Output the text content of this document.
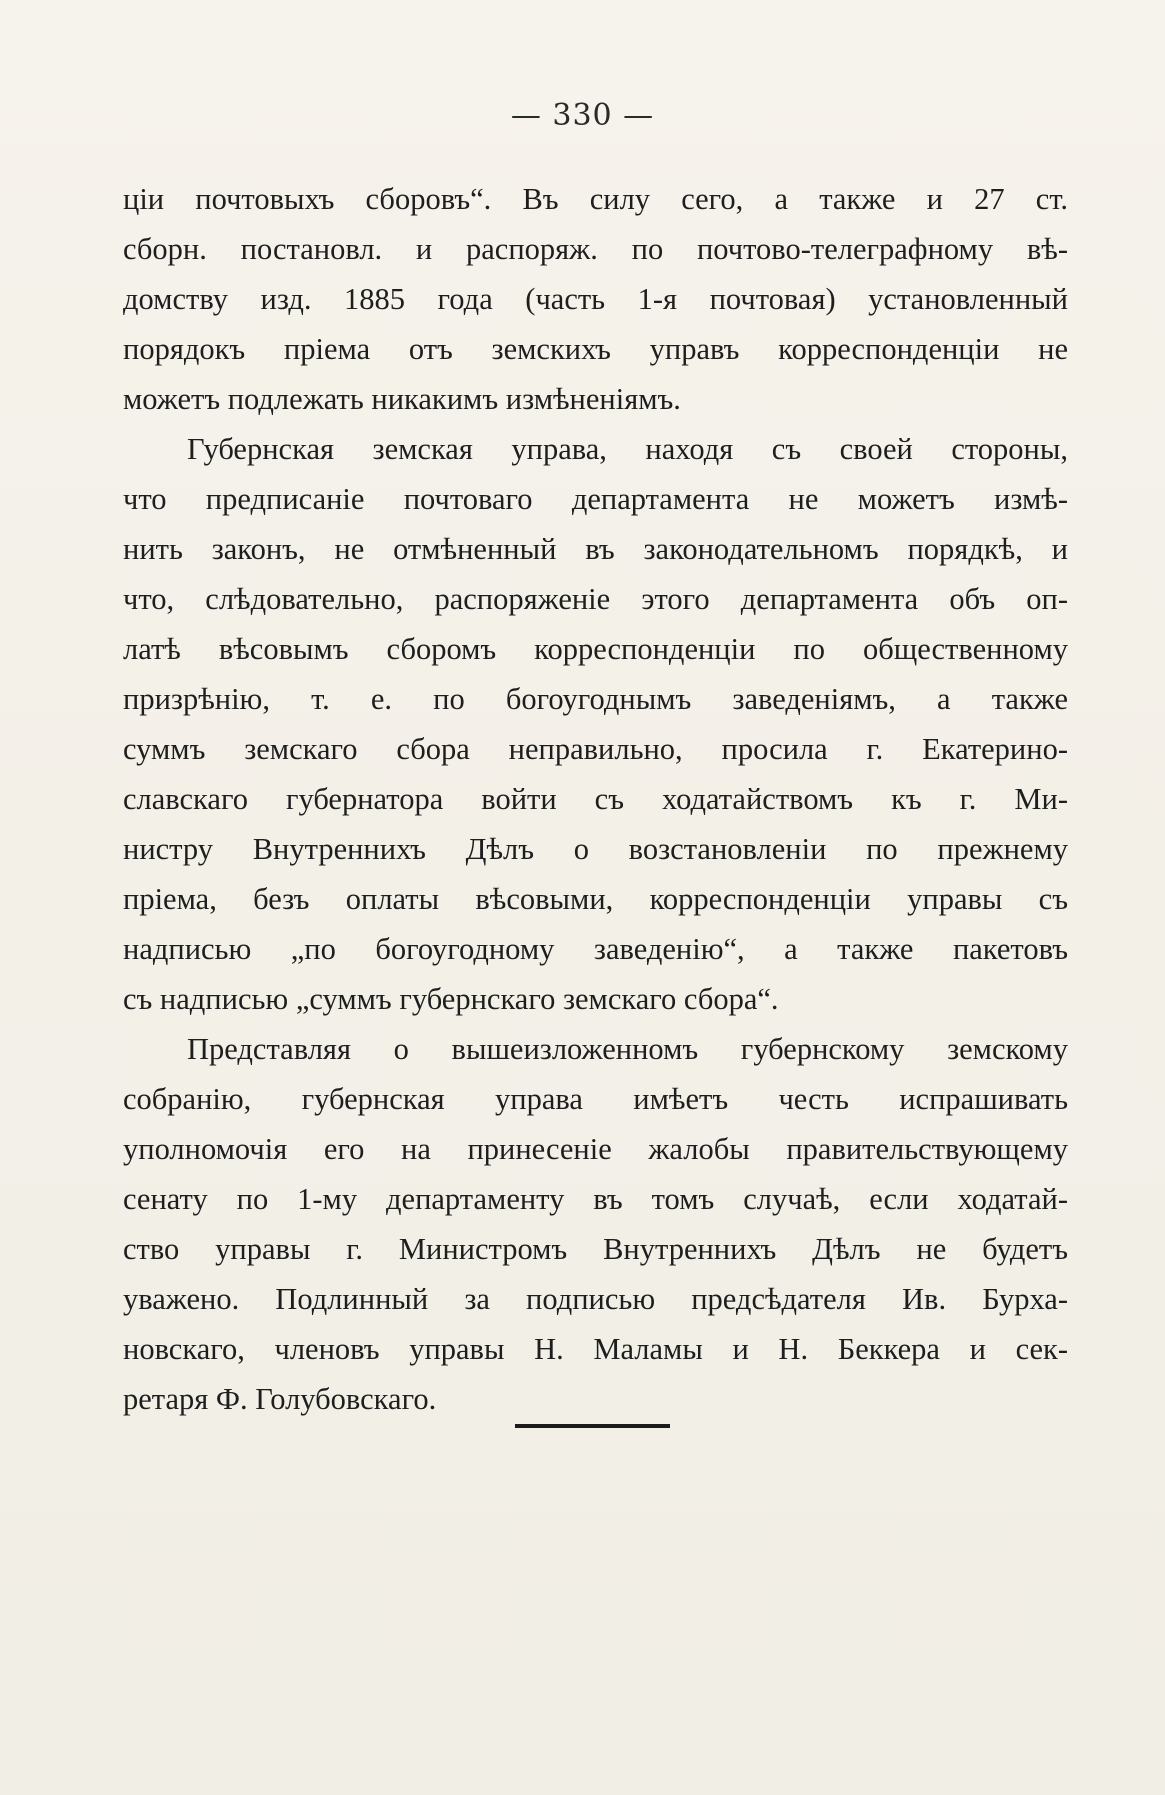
— 330 —
ціи почтовыхъ сборовъ“. Въ силу сего, а также и 27 ст.
сборн. постановл. и распоряж. по почтово-телеграфному вѣ-
домству изд. 1885 года (часть 1-я почтовая) установленный
порядокъ пріема отъ земскихъ управъ корреспонденціи не
можетъ подлежать никакимъ измѣненіямъ.
Губернская земская управа, находя съ своей стороны,
что предписаніе почтоваго департамента не можетъ измѣ-
нить законъ, не отмѣненный въ законодательномъ порядкѣ, и
что, слѣдовательно, распоряженіе этого департамента объ оп-
латѣ вѣсовымъ сборомъ корреспонденціи по общественному
призрѣнію, т. е. по богоугоднымъ заведеніямъ, а также
суммъ земскаго сбора неправильно, просила г. Екатерино-
славскаго губернатора войти съ ходатайствомъ къ г. Ми-
нистру Внутреннихъ Дѣлъ о возстановленіи по прежнему
пріема, безъ оплаты вѣсовыми, корреспонденціи управы съ
надписью „по богоугодному заведенію“, а также пакетовъ
съ надписью „суммъ губернскаго земскаго сбора“.
Представляя о вышеизложенномъ губернскому земскому
собранію, губернская управа имѣетъ честь испрашивать
уполномочія его на принесеніе жалобы правительствующему
сенату по 1-му департаменту въ томъ случаѣ, если ходатай-
ство управы г. Министромъ Внутреннихъ Дѣлъ не будетъ
уважено. Подлинный за подписью предсѣдателя Ив. Бурха-
новскаго, членовъ управы Н. Маламы и Н. Беккера и сек-
ретаря Ф. Голубовскаго.
